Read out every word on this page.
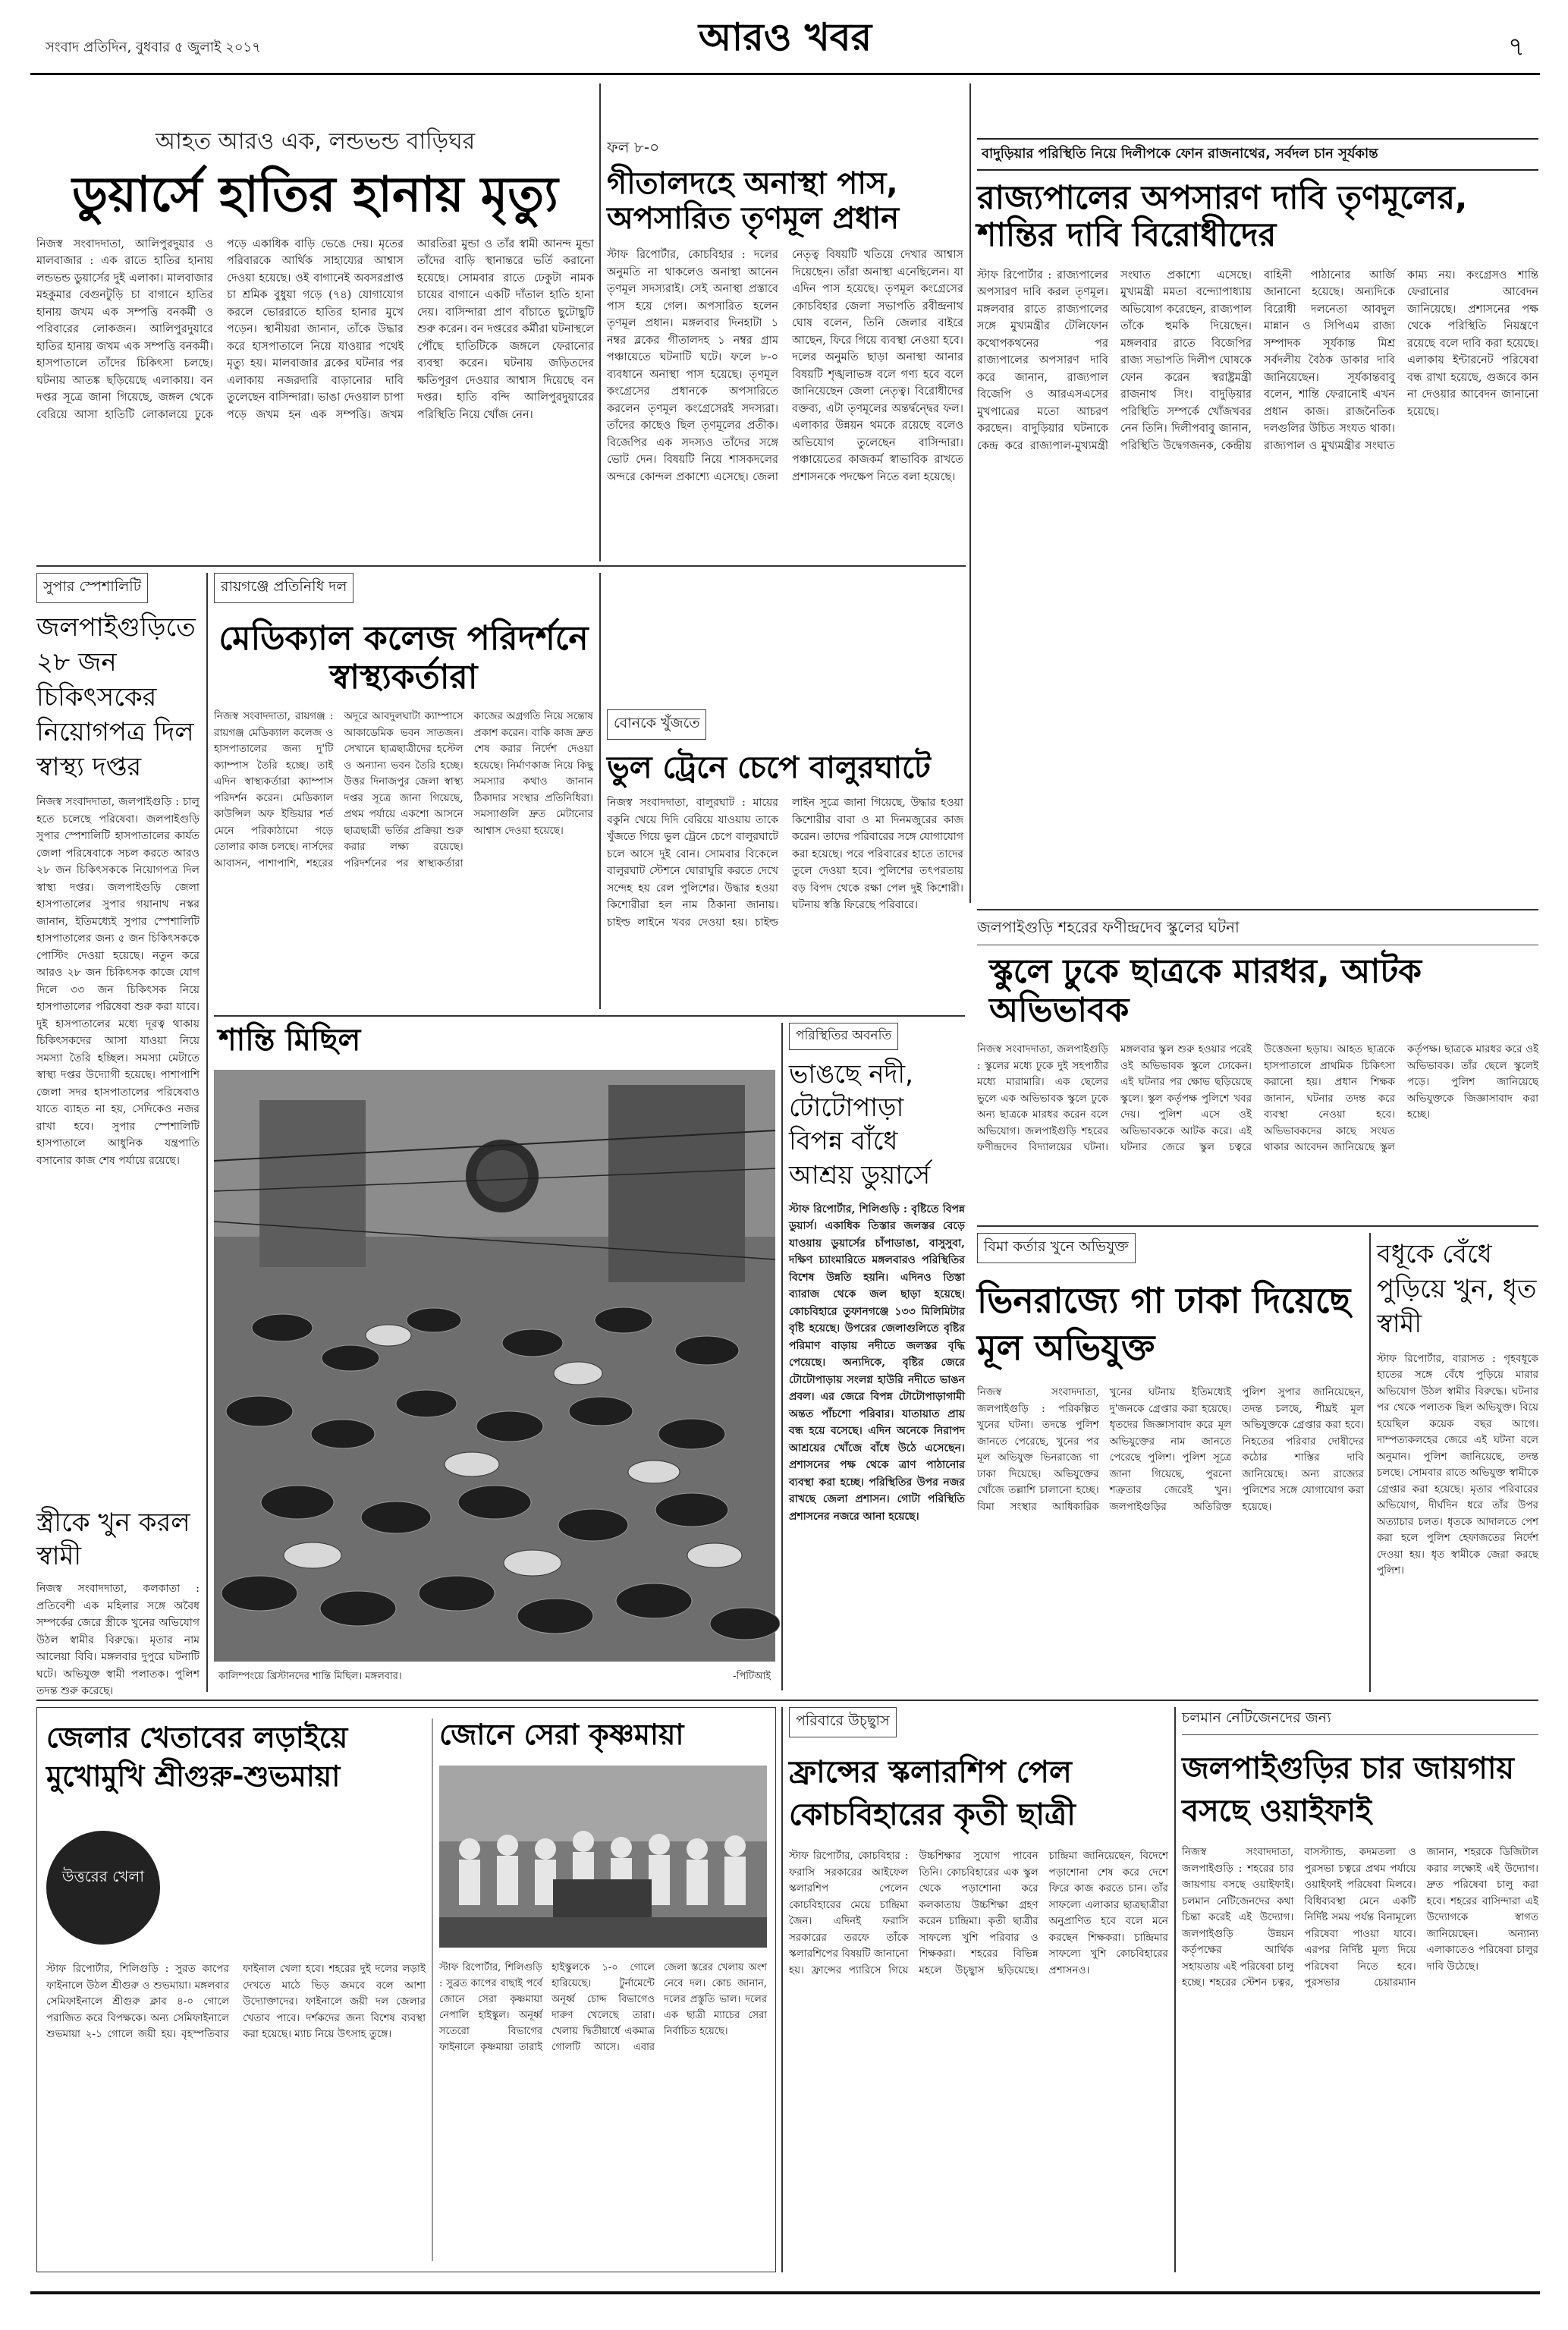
সংবাদ প্রতিদিন, বুধবার ৫ জুলাই ২০১৭	আরও খবর	৭
আহত আরও এক, লন্ডভন্ড বাড়িঘর
ডুয়ার্সে হাতির হানায় মৃত্যু
নিজস্ব সংবাদদাতা, আলিপুরদুয়ার ও মালবাজার : এক রাতে হাতির হানায় লন্ডভন্ড ডুয়ার্সের দুই এলাকা। মালবাজার মহকুমার বেগুনটুড়ি চা বাগানে হাতির হানায় জখম এক সম্পত্তি বনকর্মী ও পরিবারের লোকজন। আলিপুরদুয়ারে হাতির হানায় জখম এক সম্পত্তি বনকর্মী। হাসপাতালে তাঁদের চিকিৎসা চলছে। ঘটনায় আতঙ্ক ছড়িয়েছে এলাকায়। বন দপ্তর সূত্রে জানা গিয়েছে, জঙ্গল থেকে বেরিয়ে আসা হাতিটি লোকালয়ে ঢুকে পড়ে একাধিক বাড়ি ভেঙে দেয়। মৃতের পরিবারকে আর্থিক সাহায্যের আশ্বাস দেওয়া হয়েছে। ওই বাগানেই অবসরপ্রাপ্ত চা শ্রমিক বুধুয়া গড়ে (৭৪) যোগাযোগ করলে ভোররাতে হাতির হানার মুখে পড়েন। স্থানীয়রা জানান, তাঁকে উদ্ধার করে হাসপাতালে নিয়ে যাওয়ার পথেই মৃত্যু হয়। মালবাজার ব্লকের ঘটনার পর এলাকায় নজরদারি বাড়ানোর দাবি তুলেছেন বাসিন্দারা। ভাঙা দেওয়াল চাপা পড়ে জখম হন এক সম্পত্তি। জখম আরতিরা মুন্ডা ও তাঁর স্বামী আনন্দ মুন্ডা তাঁদের বাড়ি স্থানান্তরে ভর্তি করানো হয়েছে। সোমবার রাতে ঢেকুটা নামক চায়ের বাগানে একটি দাঁতাল হাতি হানা দেয়। বাসিন্দারা প্রাণ বাঁচাতে ছুটোছুটি শুরু করেন। বন দপ্তরের কর্মীরা ঘটনাস্থলে পৌঁছে হাতিটিকে জঙ্গলে ফেরানোর ব্যবস্থা করেন। ঘটনায় জড়িতদের ক্ষতিপূরণ দেওয়ার আশ্বাস দিয়েছে বন দপ্তর। হাতি বন্দি আলিপুরদুয়ারের পরিস্থিতি নিয়ে খোঁজ নেন।
ফল ৮-০
গীতালদহে অনাস্থা পাস, অপসারিত তৃণমূল প্রধান
স্টাফ রিপোর্টার, কোচবিহার : দলের অনুমতি না থাকলেও অনাস্থা আনেন তৃণমূল সদস্যরাই। সেই অনাস্থা প্রস্তাবে পাস হয়ে গেল। অপসারিত হলেন তৃণমূল প্রধান। মঙ্গলবার দিনহাটা ১ নম্বর ব্লকের গীতালদহ ১ নম্বর গ্রাম পঞ্চায়েতে ঘটনাটি ঘটে। ফলে ৮-০ ব্যবধানে অনাস্থা পাস হয়েছে। তৃণমূল কংগ্রেসের প্রধানকে অপসারিতে করলেন তৃণমূল কংগ্রেসেরই সদস্যরা। তাঁদের কাছেও ছিল তৃণমূলের প্রতীক। বিজেপির এক সদস্যও তাঁদের সঙ্গে ভোট দেন। বিষয়টি নিয়ে শাসকদলের অন্দরে কোন্দল প্রকাশ্যে এসেছে। জেলা নেতৃত্ব বিষয়টি খতিয়ে দেখার আশ্বাস দিয়েছেন। তাঁরা অনাস্থা এনেছিলেন। যা এদিন পাস হয়েছে। তৃণমূল কংগ্রেসের কোচবিহার জেলা সভাপতি রবীন্দ্রনাথ ঘোষ বলেন, তিনি জেলার বাইরে আছেন, ফিরে গিয়ে ব্যবস্থা নেওয়া হবে। দলের অনুমতি ছাড়া অনাস্থা আনার বিষয়টি শৃঙ্খলাভঙ্গ বলে গণ্য হবে বলে জানিয়েছেন জেলা নেতৃত্ব। বিরোধীদের বক্তব্য, এটা তৃণমূলের অন্তর্দ্বন্দ্বের ফল। এলাকার উন্নয়ন থমকে রয়েছে বলেও অভিযোগ তুলেছেন বাসিন্দারা। পঞ্চায়েতের কাজকর্ম স্বাভাবিক রাখতে প্রশাসনকে পদক্ষেপ নিতে বলা হয়েছে।
বাদুড়িয়ার পরিস্থিতি নিয়ে দিলীপকে ফোন রাজনাথের, সর্বদল চান সূর্যকান্ত
রাজ্যপালের অপসারণ দাবি তৃণমূলের, শান্তির দাবি বিরোধীদের
স্টাফ রিপোর্টার : রাজ্যপালের অপসারণ দাবি করল তৃণমূল। মঙ্গলবার রাতে রাজ্যপালের সঙ্গে মুখ্যমন্ত্রীর টেলিফোন কথোপকথনের পর রাজ্যপালের অপসারণ দাবি করে জানান, রাজ্যপাল বিজেপি ও আরএসএসের মুখপাত্রের মতো আচরণ করছেন। বাদুড়িয়ার ঘটনাকে কেন্দ্র করে রাজ্যপাল-মুখ্যমন্ত্রী সংঘাত প্রকাশ্যে এসেছে। মুখ্যমন্ত্রী মমতা বন্দ্যোপাধ্যায় অভিযোগ করেছেন, রাজ্যপাল তাঁকে হুমকি দিয়েছেন। মঙ্গলবার রাতে বিজেপির রাজ্য সভাপতি দিলীপ ঘোষকে ফোন করেন স্বরাষ্ট্রমন্ত্রী রাজনাথ সিং। বাদুড়িয়ার পরিস্থিতি সম্পর্কে খোঁজখবর নেন তিনি। দিলীপবাবু জানান, পরিস্থিতি উদ্বেগজনক, কেন্দ্রীয় বাহিনী পাঠানোর আর্জি জানানো হয়েছে। অন্যদিকে বিরোধী দলনেতা আবদুল মান্নান ও সিপিএম রাজ্য সম্পাদক সূর্যকান্ত মিশ্র সর্বদলীয় বৈঠক ডাকার দাবি জানিয়েছেন। সূর্যকান্তবাবু বলেন, শান্তি ফেরানোই এখন প্রধান কাজ। রাজনৈতিক দলগুলির উচিত সংযত থাকা। রাজ্যপাল ও মুখ্যমন্ত্রীর সংঘাত কাম্য নয়। কংগ্রেসও শান্তি ফেরানোর আবেদন জানিয়েছে। প্রশাসনের পক্ষ থেকে পরিস্থিতি নিয়ন্ত্রণে রয়েছে বলে দাবি করা হয়েছে। এলাকায় ইন্টারনেট পরিষেবা বন্ধ রাখা হয়েছে, গুজবে কান না দেওয়ার আবেদন জানানো হয়েছে।
সুপার স্পেশালিটি
জলপাইগুড়িতে ২৮ জন চিকিৎসকের নিয়োগপত্র দিল স্বাস্থ্য দপ্তর
নিজস্ব সংবাদদাতা, জলপাইগুড়ি : চালু হতে চলেছে পরিষেবা। জলপাইগুড়ি সুপার স্পেশালিটি হাসপাতালের কার্যত জেলা পরিষেবাকে সচল করতে আরও ২৮ জন চিকিৎসককে নিয়োগপত্র দিল স্বাস্থ্য দপ্তর। জলপাইগুড়ি জেলা হাসপাতালের সুপার গয়ানাথ নস্কর জানান, ইতিমধ্যেই সুপার স্পেশালিটি হাসপাতালের জন্য ৫ জন চিকিৎসককে পোস্টিং দেওয়া হয়েছে। নতুন করে আরও ২৮ জন চিকিৎসক কাজে যোগ দিলে ৩৩ জন চিকিৎসক নিয়ে হাসপাতালের পরিষেবা শুরু করা যাবে। দুই হাসপাতালের মধ্যে দূরত্ব থাকায় চিকিৎসকদের আসা যাওয়া নিয়ে সমস্যা তৈরি হচ্ছিল। সমস্যা মেটাতে স্বাস্থ্য দপ্তর উদ্যোগী হয়েছে। পাশাপাশি জেলা সদর হাসপাতালের পরিষেবাও যাতে ব্যাহত না হয়, সেদিকেও নজর রাখা হবে। সুপার স্পেশালিটি হাসপাতালে আধুনিক যন্ত্রপাতি বসানোর কাজ শেষ পর্যায়ে রয়েছে।
স্ত্রীকে খুন করল স্বামী
নিজস্ব সংবাদদাতা, কলকাতা : প্রতিবেশী এক মহিলার সঙ্গে অবৈধ সম্পর্কের জেরে স্ত্রীকে খুনের অভিযোগ উঠল স্বামীর বিরুদ্ধে। মৃতার নাম আলেয়া বিবি। মঙ্গলবার দুপুরে ঘটনাটি ঘটে। অভিযুক্ত স্বামী পলাতক। পুলিশ তদন্ত শুরু করেছে।
রায়গঞ্জে প্রতিনিধি দল
মেডিক্যাল কলেজ পরিদর্শনে স্বাস্থ্যকর্তারা
নিজস্ব সংবাদদাতা, রায়গঞ্জ : রায়গঞ্জ মেডিক্যাল কলেজ ও হাসপাতালের জন্য দু'টি ক্যাম্পাস তৈরি হচ্ছে। তাই এদিন স্বাস্থ্যকর্তারা ক্যাম্পাস পরিদর্শন করেন। মেডিক্যাল কাউন্সিল অফ ইন্ডিয়ার শর্ত মেনে পরিকাঠামো গড়ে তোলার কাজ চলছে। নার্সদের আবাসন, পাশাপাশি, শহরের অদূরে আবদুলঘাটা ক্যাম্পাসে আকাডেমিক ভবন সাতজন। সেখানে ছাত্রছাত্রীদের হস্টেল ও অন্যান্য ভবন তৈরি হচ্ছে। উত্তর দিনাজপুর জেলা স্বাস্থ্য দপ্তর সূত্রে জানা গিয়েছে, প্রথম পর্যায়ে একশো আসনে ছাত্রছাত্রী ভর্তির প্রক্রিয়া শুরু করার লক্ষ্য রয়েছে। পরিদর্শনের পর স্বাস্থ্যকর্তারা কাজের অগ্রগতি নিয়ে সন্তোষ প্রকাশ করেন। বাকি কাজ দ্রুত শেষ করার নির্দেশ দেওয়া হয়েছে। নির্মাণকাজ নিয়ে কিছু সমস্যার কথাও জানান ঠিকাদার সংস্থার প্রতিনিধিরা। সমস্যাগুলি দ্রুত মেটানোর আশ্বাস দেওয়া হয়েছে।
বোনকে খুঁজতে
ভুল ট্রেনে চেপে বালুরঘাটে
নিজস্ব সংবাদদাতা, বালুরঘাট : মায়ের বকুনি খেয়ে দিদি বেরিয়ে যাওয়ায় তাকে খুঁজতে গিয়ে ভুল ট্রেনে চেপে বালুরঘাটে চলে আসে দুই বোন। সোমবার বিকেলে বালুরঘাট স্টেশনে ঘোরাঘুরি করতে দেখে সন্দেহ হয় রেল পুলিশের। উদ্ধার হওয়া কিশোরীরা হল নাম ঠিকানা জানায়। চাইল্ড লাইনে খবর দেওয়া হয়। চাইল্ড লাইন সূত্রে জানা গিয়েছে, উদ্ধার হওয়া কিশোরীর বাবা ও মা দিনমজুরের কাজ করেন। তাদের পরিবারের সঙ্গে যোগাযোগ করা হয়েছে। পরে পরিবারের হাতে তাদের তুলে দেওয়া হবে। পুলিশের তৎপরতায় বড় বিপদ থেকে রক্ষা পেল দুই কিশোরী। ঘটনায় স্বস্তি ফিরেছে পরিবারে।
শান্তি মিছিল
কালিম্পংয়ে খ্রিস্টানদের শান্তি মিছিল। মঙ্গলবার।	-পিটিআই
পরিস্থিতির অবনতি
ভাঙছে নদী, টোটোপাড়া বিপন্ন বাঁধে আশ্রয় ডুয়ার্সে
স্টাফ রিপোর্টার, শিলিগুড়ি : বৃষ্টিতে বিপন্ন ডুয়ার্স। একাধিক তিস্তার জলস্তর বেড়ে যাওয়ায় ডুয়ার্সের চাঁপাডাঙা, বাসুসুবা, দক্ষিণ চ্যাংমারিতে মঙ্গলবারও পরিস্থিতির বিশেষ উন্নতি হয়নি। এদিনও তিস্তা ব্যারাজ থেকে জল ছাড়া হয়েছে। কোচবিহারে তুফানগঞ্জে ১৩৩ মিলিমিটার বৃষ্টি হয়েছে। উপরের জেলাগুলিতে বৃষ্টির পরিমাণ বাড়ায় নদীতে জলস্তর বৃদ্ধি পেয়েছে। অন্যদিকে, বৃষ্টির জেরে টোটোপাড়ায় সংলগ্ন হাউরি নদীতে ভাঙন প্রবল। এর জেরে বিপন্ন টোটোপাড়াগামী অন্তত পাঁচশো পরিবার। যাতায়াত প্রায় বন্ধ হয়ে বসেছে। এদিন অনেকে নিরাপদ আশ্রয়ের খোঁজে বাঁধে উঠে এসেছেন। প্রশাসনের পক্ষ থেকে ত্রাণ পাঠানোর ব্যবস্থা করা হচ্ছে। পরিস্থিতির উপর নজর রাখছে জেলা প্রশাসন। গোটা পরিস্থিতি প্রশাসনের নজরে আনা হয়েছে।
জলপাইগুড়ি শহরের ফণীন্দ্রদেব স্কুলের ঘটনা
স্কুলে ঢুকে ছাত্রকে মারধর, আটক অভিভাবক
নিজস্ব সংবাদদাতা, জলপাইগুড়ি : স্কুলের মধ্যে ঢুকে দুই সহপাঠীর মধ্যে মারামারি। এক ছেলের ভুলে এক অভিভাবক স্কুলে ঢুকে অন্য ছাত্রকে মারধর করেন বলে অভিযোগ। জলপাইগুড়ি শহরের ফণীন্দ্রদেব বিদ্যালয়ের ঘটনা। মঙ্গলবার স্কুল শুরু হওয়ার পরেই ওই অভিভাবক স্কুলে ঢোকেন। এই ঘটনার পর ক্ষোভ ছড়িয়েছে স্কুলে। স্কুল কর্তৃপক্ষ পুলিশে খবর দেয়। পুলিশ এসে ওই অভিভাবককে আটক করে। এই ঘটনার জেরে স্কুল চত্বরে উত্তেজনা ছড়ায়। আহত ছাত্রকে হাসপাতালে প্রাথমিক চিকিৎসা করানো হয়। প্রধান শিক্ষক জানান, ঘটনার তদন্ত করে ব্যবস্থা নেওয়া হবে। অভিভাবকদের কাছে সংযত থাকার আবেদন জানিয়েছে স্কুল কর্তৃপক্ষ। ছাত্রকে মারধর করে ওই অভিভাবক। তাঁর ছেলে স্কুলেই পড়ে। পুলিশ জানিয়েছে অভিযুক্তকে জিজ্ঞাসাবাদ করা হচ্ছে।
বিমা কর্তার খুনে অভিযুক্ত
ভিনরাজ্যে গা ঢাকা দিয়েছে মূল অভিযুক্ত
নিজস্ব সংবাদদাতা, জলপাইগুড়ি : পরিকল্পিত খুনের ঘটনা। তদন্তে পুলিশ জানতে পেরেছে, খুনের পর মূল অভিযুক্ত ভিনরাজ্যে গা ঢাকা দিয়েছে। অভিযুক্তের খোঁজে তল্লাশি চালানো হচ্ছে। বিমা সংস্থার আধিকারিক খুনের ঘটনায় ইতিমধ্যেই দু'জনকে গ্রেপ্তার করা হয়েছে। ধৃতদের জিজ্ঞাসাবাদ করে মূল অভিযুক্তের নাম জানতে পেরেছে পুলিশ। পুলিশ সূত্রে জানা গিয়েছে, পুরনো শত্রুতার জেরেই খুন। জলপাইগুড়ির অতিরিক্ত পুলিশ সুপার জানিয়েছেন, তদন্ত চলছে, শীঘ্রই মূল অভিযুক্তকে গ্রেপ্তার করা হবে। নিহতের পরিবার দোষীদের কঠোর শাস্তির দাবি জানিয়েছে। অন্য রাজ্যের পুলিশের সঙ্গে যোগাযোগ করা হয়েছে।
বধূকে বেঁধে পুড়িয়ে খুন, ধৃত স্বামী
স্টাফ রিপোর্টার, বারাসত : গৃহবধূকে হাতের সঙ্গে বেঁধে পুড়িয়ে মারার অভিযোগ উঠল স্বামীর বিরুদ্ধে। ঘটনার পর থেকে পলাতক ছিল অভিযুক্ত। বিয়ে হয়েছিল কয়েক বছর আগে। দাম্পত্যকলহের জেরে এই ঘটনা বলে অনুমান। পুলিশ জানিয়েছে, তদন্ত চলছে। সোমবার রাতে অভিযুক্ত স্বামীকে গ্রেপ্তার করা হয়েছে। মৃতার পরিবারের অভিযোগ, দীর্ঘদিন ধরে তাঁর উপর অত্যাচার চলত। ধৃতকে আদালতে পেশ করা হলে পুলিশ হেফাজতের নির্দেশ দেওয়া হয়। ধৃত স্বামীকে জেরা করছে পুলিশ।
জেলার খেতাবের লড়াইয়ে মুখোমুখি শ্রীগুরু-শুভমায়া
উত্তরের খেলা
স্টাফ রিপোর্টার, শিলিগুড়ি : সুরত কাপের ফাইনালে উঠল শ্রীগুরু ও শুভমায়া। মঙ্গলবার সেমিফাইনালে শ্রীগুরু ক্লাব ৪-০ গোলে পরাজিত করে বিপক্ষকে। অন্য সেমিফাইনালে শুভমায়া ২-১ গোলে জয়ী হয়। বৃহস্পতিবার ফাইনাল খেলা হবে। শহরের দুই দলের লড়াই দেখতে মাঠে ভিড় জমবে বলে আশা উদ্যোক্তাদের। ফাইনালে জয়ী দল জেলার খেতাব পাবে। দর্শকদের জন্য বিশেষ ব্যবস্থা করা হয়েছে। ম্যাচ নিয়ে উৎসাহ তুঙ্গে।
জোনে সেরা কৃষ্ণমায়া
স্টাফ রিপোর্টার, শিলিগুড়ি : সুব্রত কাপের বাছাই পর্বে জোনে সেরা কৃষ্ণমায়া নেপালি হাইস্কুল। অনূর্ধ্ব সতেরো বিভাগের ফাইনালে কৃষ্ণমায়া তারাই হাইস্কুলকে ১-০ গোলে হারিয়েছে। টুর্নামেন্টে অনূর্ধ্ব চোদ্দ বিভাগেও দারুণ খেলেছে তারা। খেলায় দ্বিতীয়ার্ধে একমাত্র গোলটি আসে। এবার জেলা স্তরের খেলায় অংশ নেবে দল। কোচ জানান, দলের প্রস্তুতি ভাল। দলের এক ছাত্রী ম্যাচের সেরা নির্বাচিত হয়েছে।
পরিবারে উচ্ছ্বাস
ফ্রান্সের স্কলারশিপ পেল কোচবিহারের কৃতী ছাত্রী
স্টাফ রিপোর্টার, কোচবিহার : ফরাসি সরকারের আইফেল স্কলারশিপ পেলেন কোচবিহারের মেয়ে চান্দ্রিমা জৈন। এদিনই ফরাসি সরকারের তরফে তাঁকে স্কলারশিপের বিষয়টি জানানো হয়। ফ্রান্সের প্যারিসে গিয়ে উচ্চশিক্ষার সুযোগ পাবেন তিনি। কোচবিহারের এক স্কুল থেকে পড়াশোনা করে কলকাতায় উচ্চশিক্ষা গ্রহণ করেন চান্দ্রিমা। কৃতী ছাত্রীর সাফল্যে খুশি পরিবার ও শিক্ষকরা। শহরের বিভিন্ন মহলে উচ্ছ্বাস ছড়িয়েছে। চান্দ্রিমা জানিয়েছেন, বিদেশে পড়াশোনা শেষ করে দেশে ফিরে কাজ করতে চান। তাঁর সাফল্যে এলাকার ছাত্রছাত্রীরা অনুপ্রাণিত হবে বলে মনে করছেন শিক্ষকরা। চান্দ্রিমার সাফল্যে খুশি কোচবিহারের প্রশাসনও।
চলমান নেটিজেনদের জন্য
জলপাইগুড়ির চার জায়গায় বসছে ওয়াইফাই
নিজস্ব সংবাদদাতা, জলপাইগুড়ি : শহরের চার জায়গায় বসছে ওয়াইফাই। চলমান নেটিজেনদের কথা চিন্তা করেই এই উদ্যোগ। জলপাইগুড়ি উন্নয়ন কর্তৃপক্ষের আর্থিক সহায়তায় এই পরিষেবা চালু হচ্ছে। শহরের স্টেশন চত্বর, বাসস্ট্যান্ড, কদমতলা ও পুরসভা চত্বরে প্রথম পর্যায়ে ওয়াইফাই পরিষেবা মিলবে। বিধিব্যবস্থা মেনে একটি নির্দিষ্ট সময় পর্যন্ত বিনামূল্যে পরিষেবা পাওয়া যাবে। এরপর নির্দিষ্ট মূল্য দিয়ে পরিষেবা নিতে হবে। পুরসভার চেয়ারম্যান জানান, শহরকে ডিজিটাল করার লক্ষ্যেই এই উদ্যোগ। দ্রুত পরিষেবা চালু করা হবে। শহরের বাসিন্দারা এই উদ্যোগকে স্বাগত জানিয়েছেন। অন্যান্য এলাকাতেও পরিষেবা চালুর দাবি উঠেছে।
